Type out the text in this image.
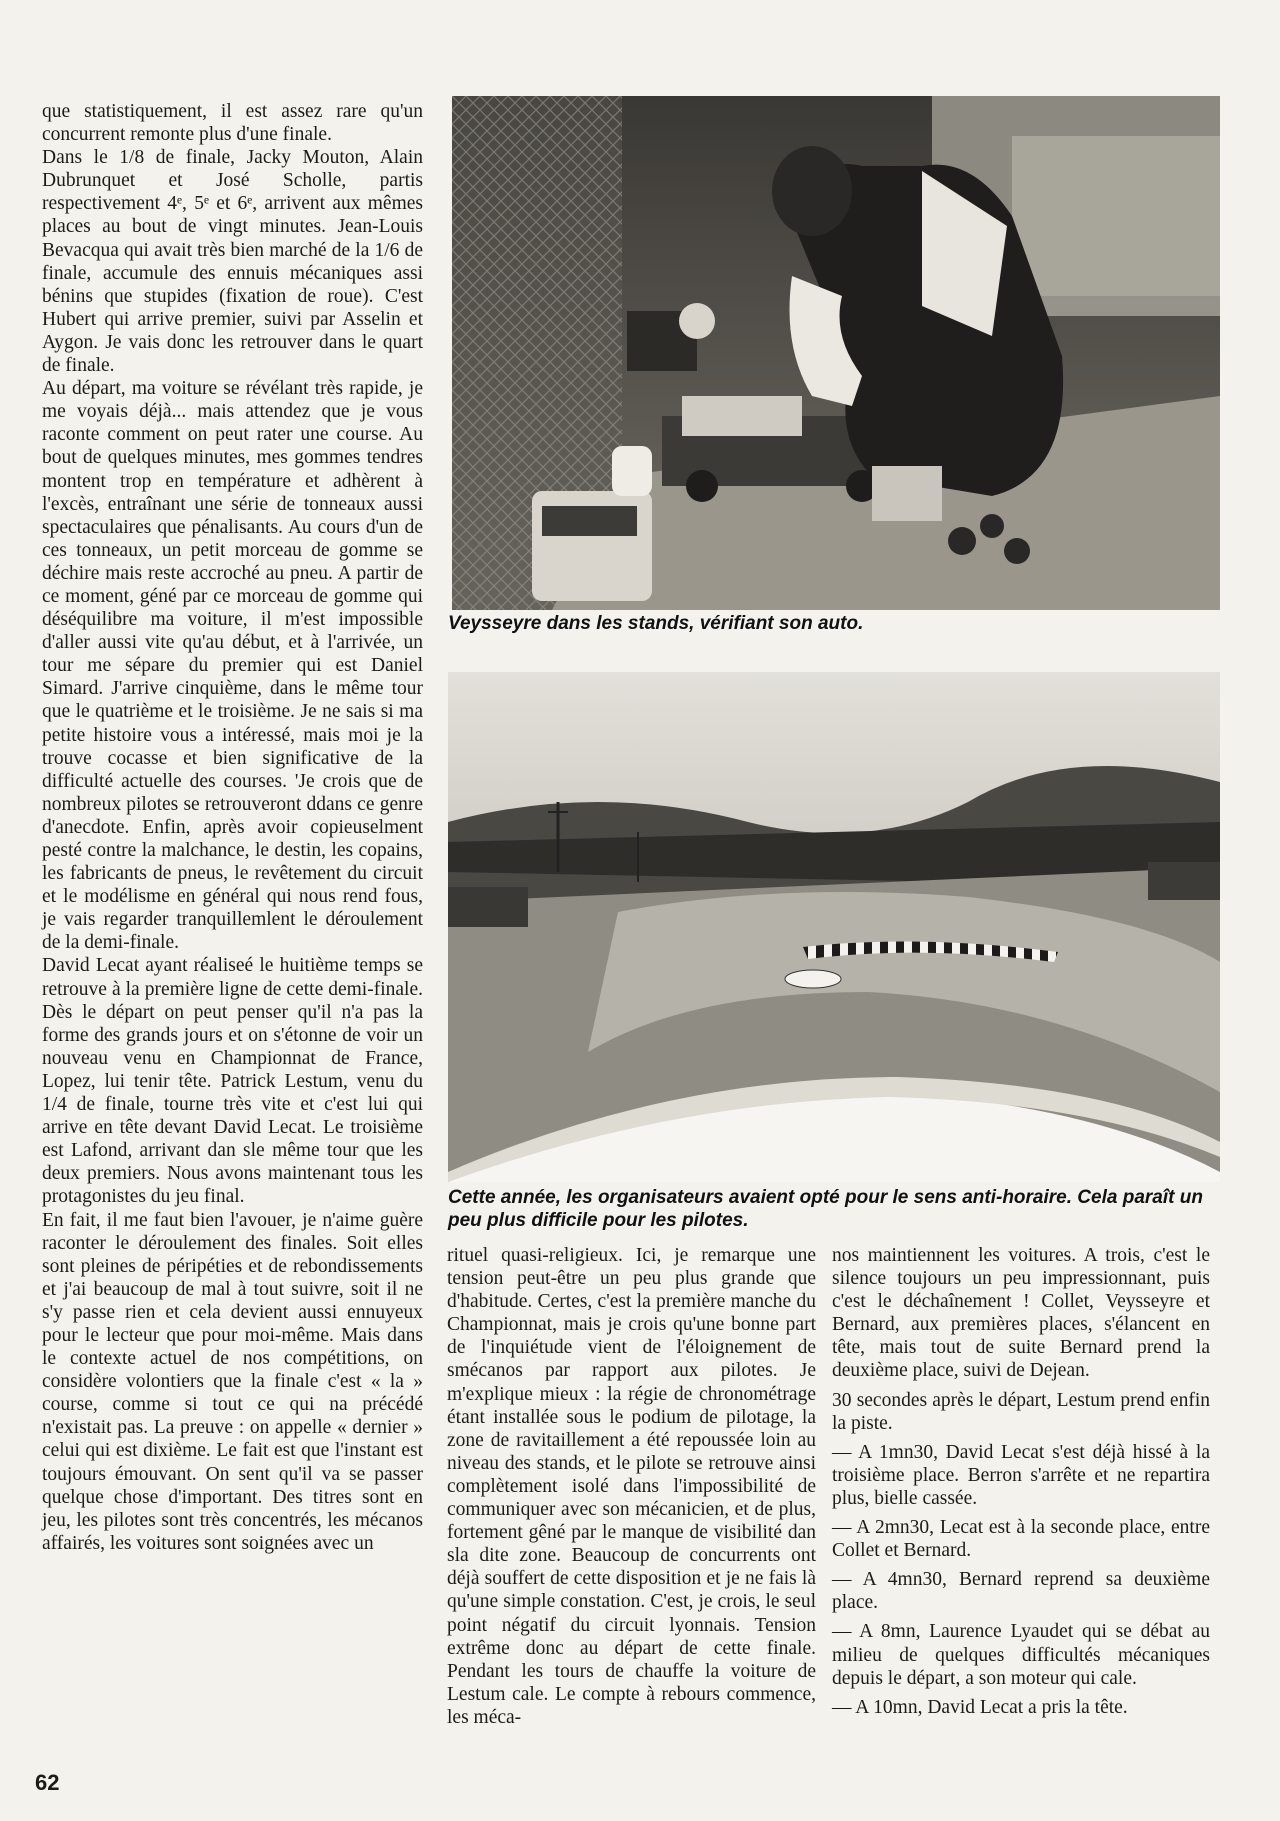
que statistiquement, il est assez rare qu'un concurrent remonte plus d'une finale.

Dans le 1/8 de finale, Jacky Mouton, Alain Dubrunquet et José Scholle, partis respectivement 4ᵉ, 5ᵉ et 6ᵉ, arrivent aux mêmes places au bout de vingt minutes. Jean-Louis Bevacqua qui avait très bien marché de la 1/6 de finale, accumule des ennuis mécaniques assi bénins que stupides (fixation de roue). C'est Hubert qui arrive premier, suivi par Asselin et Aygon. Je vais donc les retrouver dans le quart de finale.

Au départ, ma voiture se révélant très rapide, je me voyais déjà... mais attendez que je vous raconte comment on peut rater une course. Au bout de quelques minutes, mes gommes tendres montent trop en température et adhèrent à l'excès, entraînant une série de tonneaux aussi spectaculaires que pénalisants. Au cours d'un de ces tonneaux, un petit morceau de gomme se déchire mais reste accroché au pneu. A partir de ce moment, géné par ce morceau de gomme qui déséquilibre ma voiture, il m'est impossible d'aller aussi vite qu'au début, et à l'arrivée, un tour me sépare du premier qui est Daniel Simard. J'arrive cinquième, dans le même tour que le quatrième et le troisième. Je ne sais si ma petite histoire vous a intéressé, mais moi je la trouve cocasse et bien significative de la difficulté actuelle des courses. 'Je crois que de nombreux pilotes se retrouveront ddans ce genre d'anecdote. Enfin, après avoir copieuselment pesté contre la malchance, le destin, les copains, les fabricants de pneus, le revêtement du circuit et le modélisme en général qui nous rend fous, je vais regarder tranquillemlent le déroulement de la demi-finale.

David Lecat ayant réaliseé le huitième temps se retrouve à la première ligne de cette demi-finale. Dès le départ on peut penser qu'il n'a pas la forme des grands jours et on s'étonne de voir un nouveau venu en Championnat de France, Lopez, lui tenir tête. Patrick Lestum, venu du 1/4 de finale, tourne très vite et c'est lui qui arrive en tête devant David Lecat. Le troisième est Lafond, arrivant dan sle même tour que les deux premiers. Nous avons maintenant tous les protagonistes du jeu final.

En fait, il me faut bien l'avouer, je n'aime guère raconter le déroulement des finales. Soit elles sont pleines de péripéties et de rebondissements et j'ai beaucoup de mal à tout suivre, soit il ne s'y passe rien et cela devient aussi ennuyeux pour le lecteur que pour moi-même. Mais dans le contexte actuel de nos compétitions, on considère volontiers que la finale c'est « la » course, comme si tout ce qui na précédé n'existait pas. La preuve : on appelle « dernier » celui qui est dixième. Le fait est que l'instant est toujours émouvant. On sent qu'il va se passer quelque chose d'important. Des titres sont en jeu, les pilotes sont très concentrés, les mécanos affairés, les voitures sont soignées avec un

Veysseyre dans les stands, vérifiant son auto.
Cette année, les organisateurs avaient opté pour le sens anti-horaire. Cela paraît un peu plus difficile pour les pilotes.

rituel quasi-religieux. Ici, je remarque une tension peut-être un peu plus grande que d'habitude. Certes, c'est la première manche du Championnat, mais je crois qu'une bonne part de l'inquiétude vient de l'éloignement de smécanos par rapport aux pilotes. Je m'explique mieux : la régie de chronométrage étant installée sous le podium de pilotage, la zone de ravitaillement a été repoussée loin au niveau des stands, et le pilote se retrouve ainsi complètement isolé dans l'impossibilité de communiquer avec son mécanicien, et de plus, fortement gêné par le manque de visibilité dan sla dite zone. Beaucoup de concurrents ont déjà souffert de cette disposition et je ne fais là qu'une simple constation. C'est, je crois, le seul point négatif du circuit lyonnais. Tension extrême donc au départ de cette finale. Pendant les tours de chauffe la voiture de Lestum cale. Le compte à rebours commence, les méca-

nos maintiennent les voitures. A trois, c'est le silence toujours un peu impressionnant, puis c'est le déchaînement ! Collet, Veysseyre et Bernard, aux premières places, s'élancent en tête, mais tout de suite Bernard prend la deuxième place, suivi de Dejean.

30 secondes après le départ, Lestum prend enfin la piste.

— A 1mn30, David Lecat s'est déjà hissé à la troisième place. Berron s'arrête et ne repartira plus, bielle cassée.

— A 2mn30, Lecat est à la seconde place, entre Collet et Bernard.

— A 4mn30, Bernard reprend sa deuxième place.

— A 8mn, Laurence Lyaudet qui se débat au milieu de quelques difficultés mécaniques depuis le départ, a son moteur qui cale.

— A 10mn, David Lecat a pris la tête.

62
